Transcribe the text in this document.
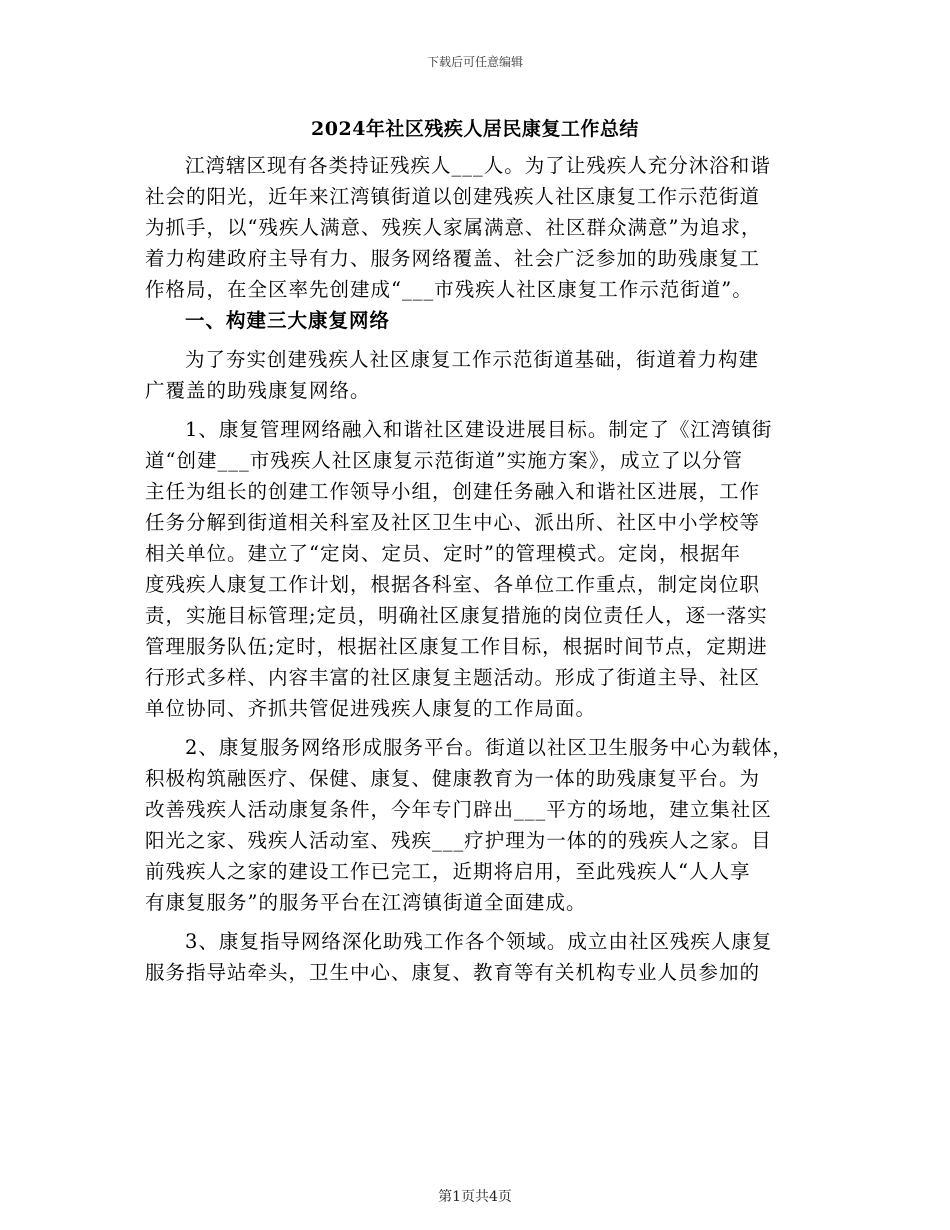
下载后可任意编辑
2024年社区残疾人居民康复工作总结
江湾辖区现有各类持证残疾人___人。为了让残疾人充分沐浴和谐
社会的阳光，近年来江湾镇街道以创建残疾人社区康复工作示范街道
为抓手，以“残疾人满意、残疾人家属满意、社区群众满意”为追求，
着力构建政府主导有力、服务网络覆盖、社会广泛参加的助残康复工
作格局，在全区率先创建成“___市残疾人社区康复工作示范街道”。
一、构建三大康复网络
为了夯实创建残疾人社区康复工作示范街道基础，街道着力构建
广覆盖的助残康复网络。
1、康复管理网络融入和谐社区建设进展目标。制定了《江湾镇街
道“创建___市残疾人社区康复示范街道”实施方案》，成立了以分管
主任为组长的创建工作领导小组，创建任务融入和谐社区进展，工作
任务分解到街道相关科室及社区卫生中心、派出所、社区中小学校等
相关单位。建立了“定岗、定员、定时”的管理模式。定岗，根据年
度残疾人康复工作计划，根据各科室、各单位工作重点，制定岗位职
责，实施目标管理;定员，明确社区康复措施的岗位责任人，逐一落实
管理服务队伍;定时，根据社区康复工作目标，根据时间节点，定期进
行形式多样、内容丰富的社区康复主题活动。形成了街道主导、社区
单位协同、齐抓共管促进残疾人康复的工作局面。
2、康复服务网络形成服务平台。街道以社区卫生服务中心为载体，
积极构筑融医疗、保健、康复、健康教育为一体的助残康复平台。为
改善残疾人活动康复条件，今年专门辟出___平方的场地，建立集社区
阳光之家、残疾人活动室、残疾___疗护理为一体的的残疾人之家。目
前残疾人之家的建设工作已完工，近期将启用，至此残疾人“人人享
有康复服务”的服务平台在江湾镇街道全面建成。
3、康复指导网络深化助残工作各个领域。成立由社区残疾人康复
服务指导站牵头，卫生中心、康复、教育等有关机构专业人员参加的
第1页共4页
